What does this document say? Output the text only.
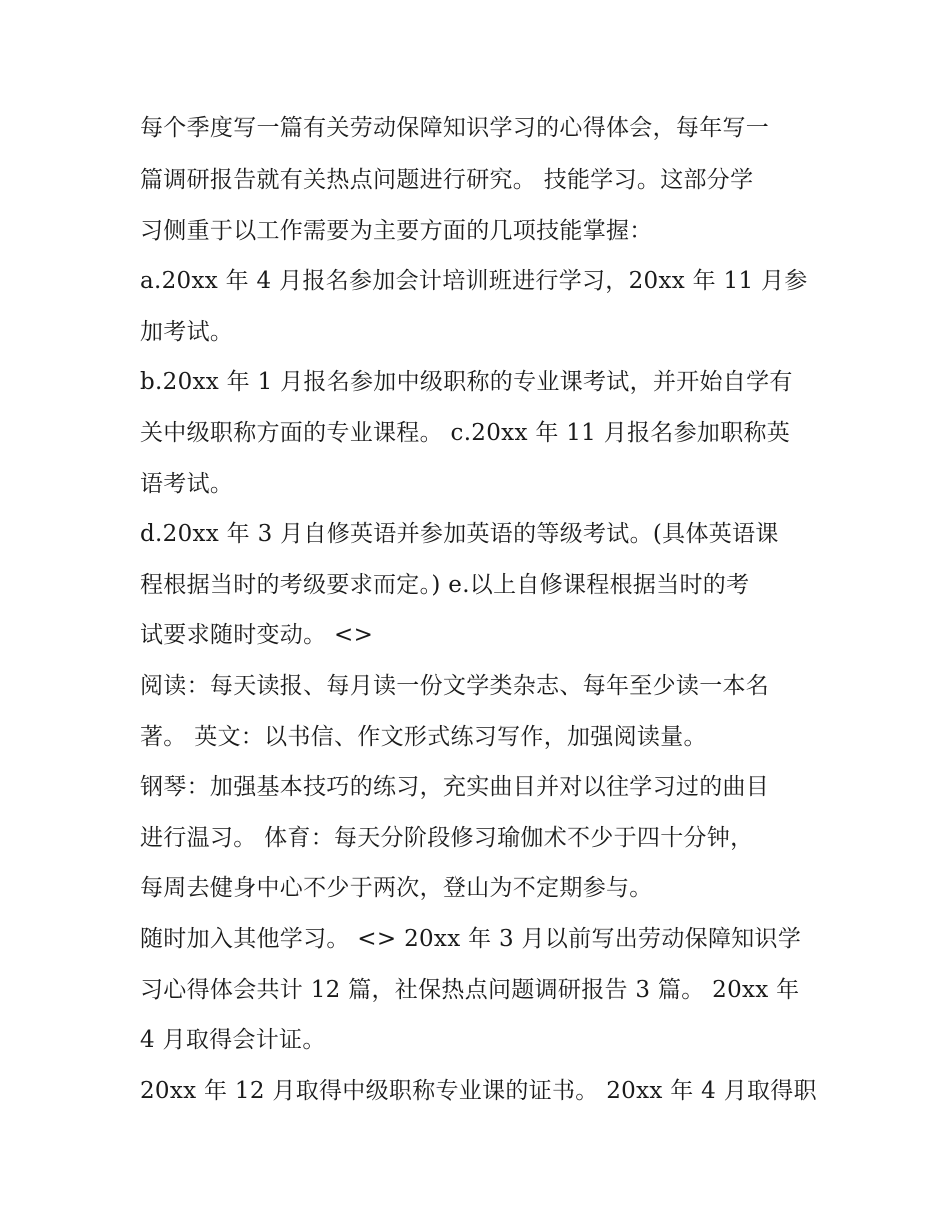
每个季度写一篇有关劳动保障知识学习的心得体会，每年写一
篇调研报告就有关热点问题进行研究。 技能学习。这部分学
习侧重于以工作需要为主要方面的几项技能掌握：
a.20xx 年 4 月报名参加会计培训班进行学习，20xx 年 11 月参
加考试。
b.20xx 年 1 月报名参加中级职称的专业课考试，并开始自学有
关中级职称方面的专业课程。 c.20xx 年 11 月报名参加职称英
语考试。
d.20xx 年 3 月自修英语并参加英语的等级考试。(具体英语课
程根据当时的考级要求而定。) e.以上自修课程根据当时的考
试要求随时变动。 <>
阅读：每天读报、每月读一份文学类杂志、每年至少读一本名
著。 英文：以书信、作文形式练习写作，加强阅读量。
钢琴：加强基本技巧的练习，充实曲目并对以往学习过的曲目
进行温习。 体育：每天分阶段修习瑜伽术不少于四十分钟，
每周去健身中心不少于两次，登山为不定期参与。
随时加入其他学习。 <> 20xx 年 3 月以前写出劳动保障知识学
习心得体会共计 12 篇，社保热点问题调研报告 3 篇。 20xx 年
4 月取得会计证。
20xx 年 12 月取得中级职称专业课的证书。 20xx 年 4 月取得职
